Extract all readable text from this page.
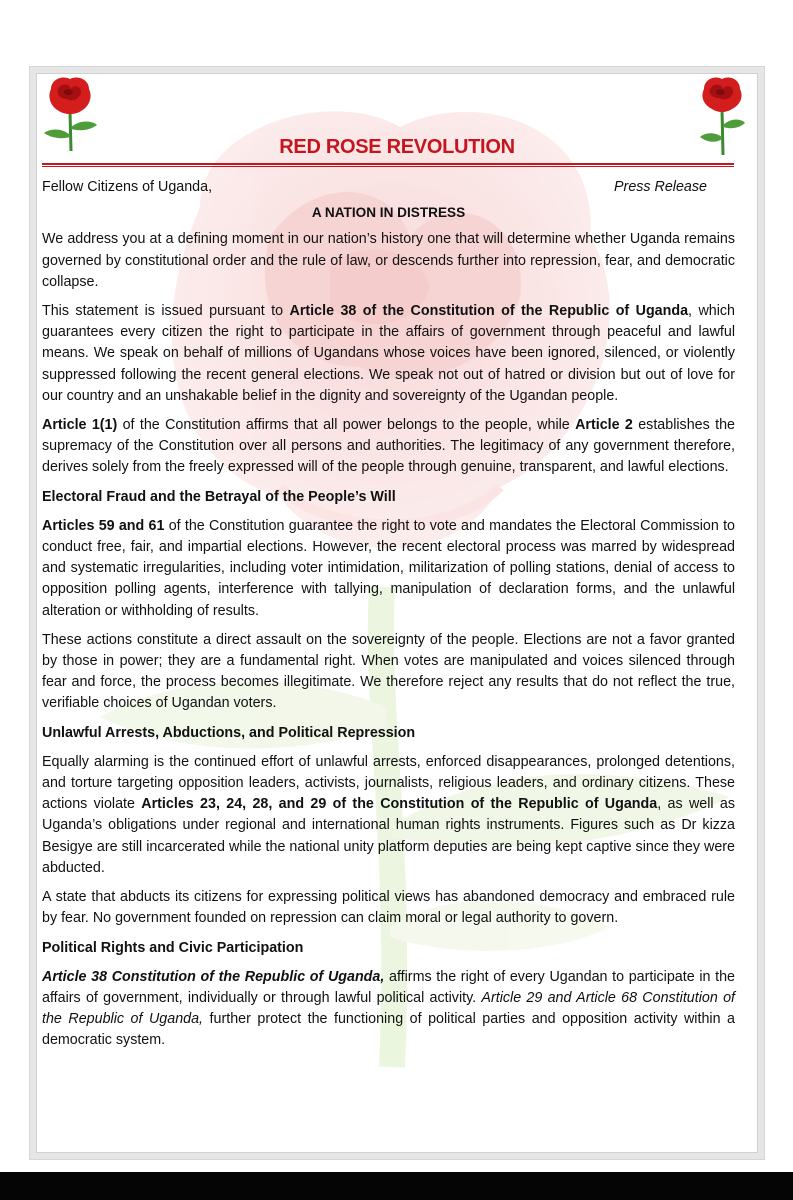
RED ROSE REVOLUTION
Fellow Citizens of Uganda,	Press Release
A NATION IN DISTRESS

We address you at a defining moment in our nation’s history one that will determine whether Uganda remains governed by constitutional order and the rule of law, or descends further into repression, fear, and democratic collapse.

This statement is issued pursuant to Article 38 of the Constitution of the Republic of Uganda, which guarantees every citizen the right to participate in the affairs of government through peaceful and lawful means. We speak on behalf of millions of Ugandans whose voices have been ignored, silenced, or violently suppressed following the recent general elections. We speak not out of hatred or division but out of love for our country and an unshakable belief in the dignity and sovereignty of the Ugandan people.

Article 1(1) of the Constitution affirms that all power belongs to the people, while Article 2 establishes the supremacy of the Constitution over all persons and authorities. The legitimacy of any government therefore, derives solely from the freely expressed will of the people through genuine, transparent, and lawful elections.

Electoral Fraud and the Betrayal of the People’s Will

Articles 59 and 61 of the Constitution guarantee the right to vote and mandates the Electoral Commission to conduct free, fair, and impartial elections. However, the recent electoral process was marred by widespread and systematic irregularities, including voter intimidation, militarization of polling stations, denial of access to opposition polling agents, interference with tallying, manipulation of declaration forms, and the unlawful alteration or withholding of results.

These actions constitute a direct assault on the sovereignty of the people. Elections are not a favor granted by those in power; they are a fundamental right. When votes are manipulated and voices silenced through fear and force, the process becomes illegitimate. We therefore reject any results that do not reflect the true, verifiable choices of Ugandan voters.

Unlawful Arrests, Abductions, and Political Repression

Equally alarming is the continued effort of unlawful arrests, enforced disappearances, prolonged detentions, and torture targeting opposition leaders, activists, journalists, religious leaders, and ordinary citizens. These actions violate Articles 23, 24, 28, and 29 of the Constitution of the Republic of Uganda, as well as Uganda’s obligations under regional and international human rights instruments. Figures such as Dr kizza Besigye are still incarcerated while the national unity platform deputies are being kept captive since they were abducted.

A state that abducts its citizens for expressing political views has abandoned democracy and embraced rule by fear. No government founded on repression can claim moral or legal authority to govern.

Political Rights and Civic Participation

Article 38 Constitution of the Republic of Uganda, affirms the right of every Ugandan to participate in the affairs of government, individually or through lawful political activity. Article 29 and Article 68 Constitution of the Republic of Uganda, further protect the functioning of political parties and opposition activity within a democratic system.
